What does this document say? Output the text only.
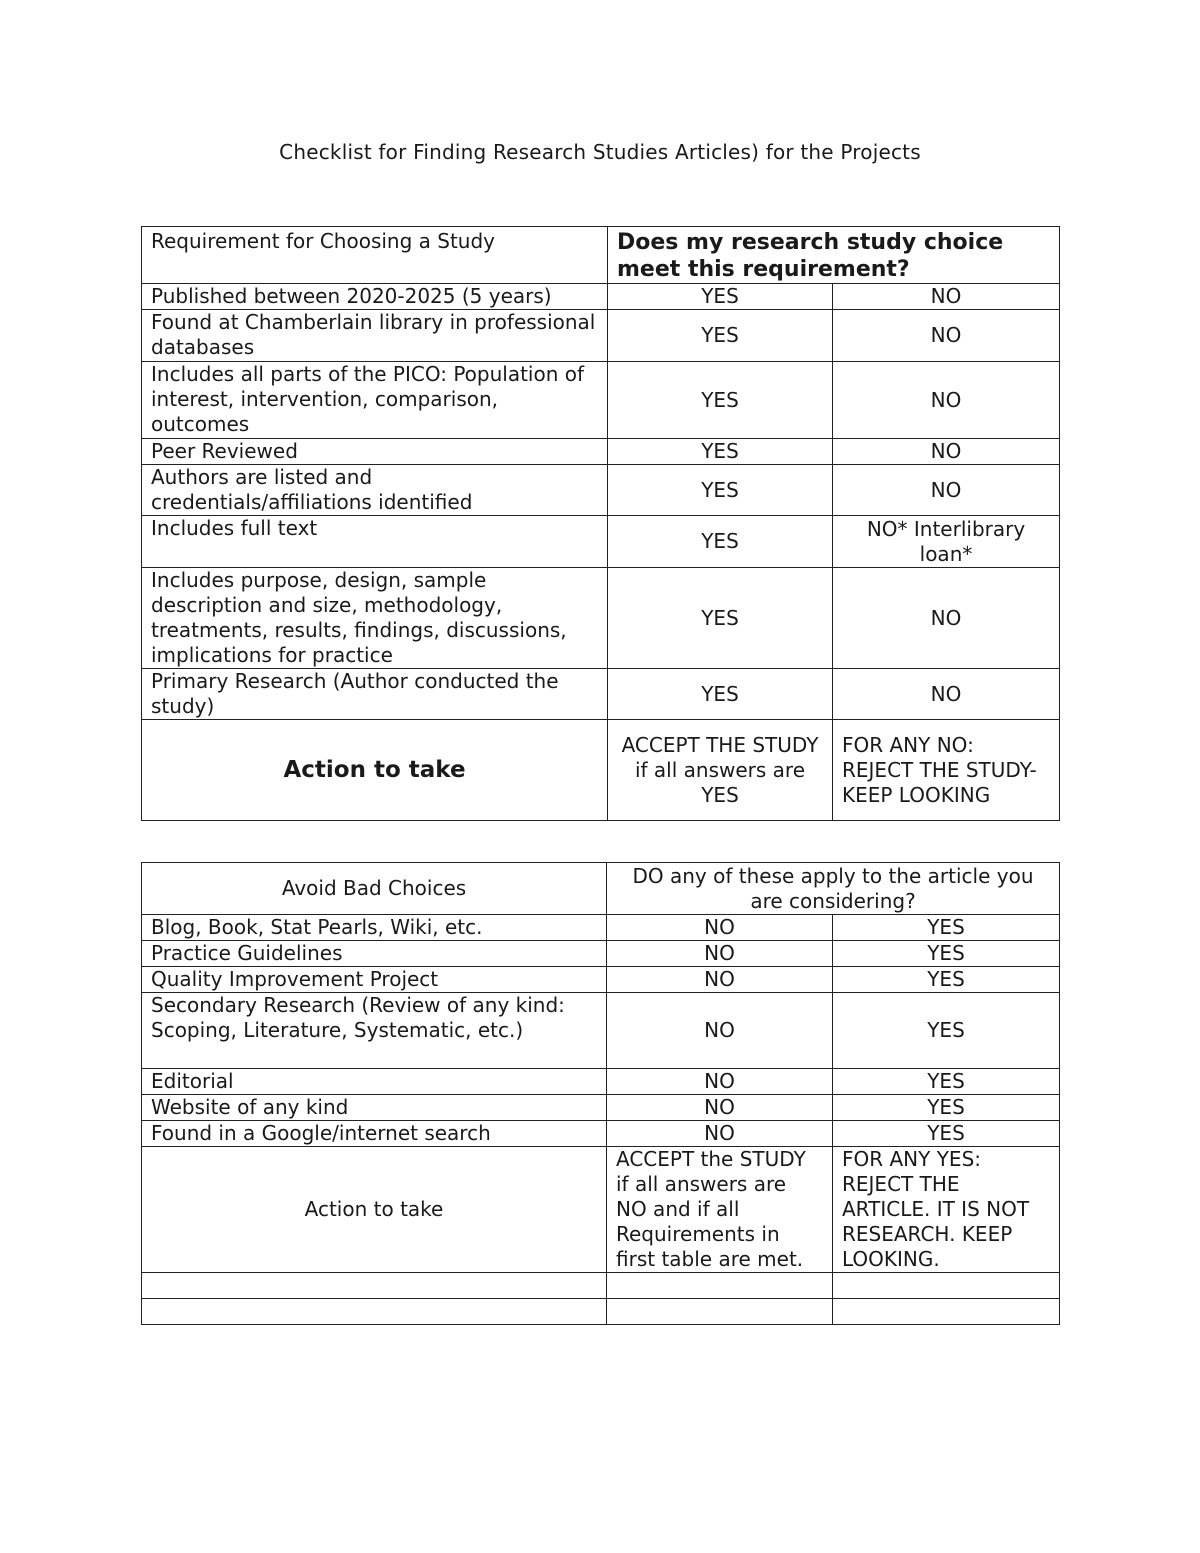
Checklist for Finding Research Studies Articles) for the Projects
Requirement for Choosing a Study	Does my research study choice meet this requirement?	
Published between 2020-2025 (5 years)	YES	NO
Found at Chamberlain library in professional databases	YES	NO
Includes all parts of the PICO: Population of interest, intervention, comparison, outcomes	YES	NO
Peer Reviewed	YES	NO
Authors are listed and credentials/affiliations identified	YES	NO
Includes full text	YES	NO* Interlibrary loan*
Includes purpose, design, sample description and size, methodology, treatments, results, findings, discussions, implications for practice	YES	NO
Primary Research (Author conducted the study)	YES	NO
Action to take	ACCEPT THE STUDY if all answers are YES	FOR ANY NO: REJECT THE STUDY-KEEP LOOKING
Avoid Bad Choices	DO any of these apply to the article you are considering?	
Blog, Book, Stat Pearls, Wiki, etc.	NO	YES
Practice Guidelines	NO	YES
Quality Improvement Project	NO	YES
Secondary Research (Review of any kind: Scoping, Literature, Systematic, etc.)	NO	YES
Editorial	NO	YES
Website of any kind	NO	YES
Found in a Google/internet search	NO	YES
Action to take	ACCEPT the STUDY if all answers are NO and if all Requirements in first table are met.	FOR ANY YES: REJECT THE ARTICLE. IT IS NOT RESEARCH. KEEP LOOKING.
